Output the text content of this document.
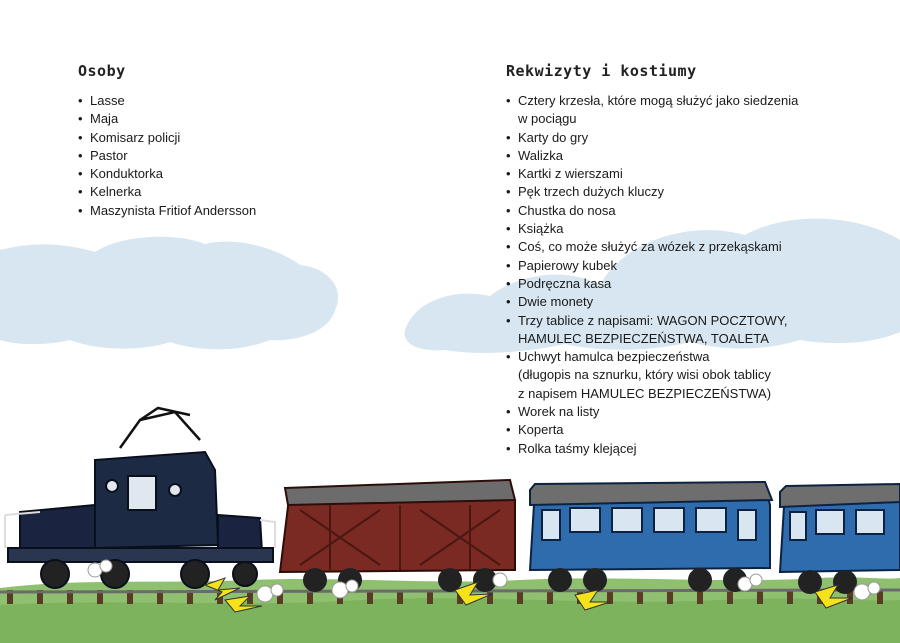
Osoby
• Lasse
• Maja
• Komisarz policji
• Pastor
• Konduktorka
• Kelnerka
• Maszynista Fritiof Andersson
Rekwizyty i kostiumy
• Cztery krzesła, które mogą służyć jako siedzenia
w pociągu
• Karty do gry
• Walizka
• Kartki z wierszami
• Pęk trzech dużych kluczy
• Chustka do nosa
• Książka
• Coś, co może służyć za wózek z przekąskami
• Papierowy kubek
• Podręczna kasa
• Dwie monety
• Trzy tablice z napisami: WAGON POCZTOWY,
HAMULEC BEZPIECZEŃSTWA, TOALETA
• Uchwyt hamulca bezpieczeństwa
(długopis na sznurku, który wisi obok tablicy
z napisem HAMULEC BEZPIECZEŃSTWA)
• Worek na listy
• Koperta
• Rolka taśmy klejącej
